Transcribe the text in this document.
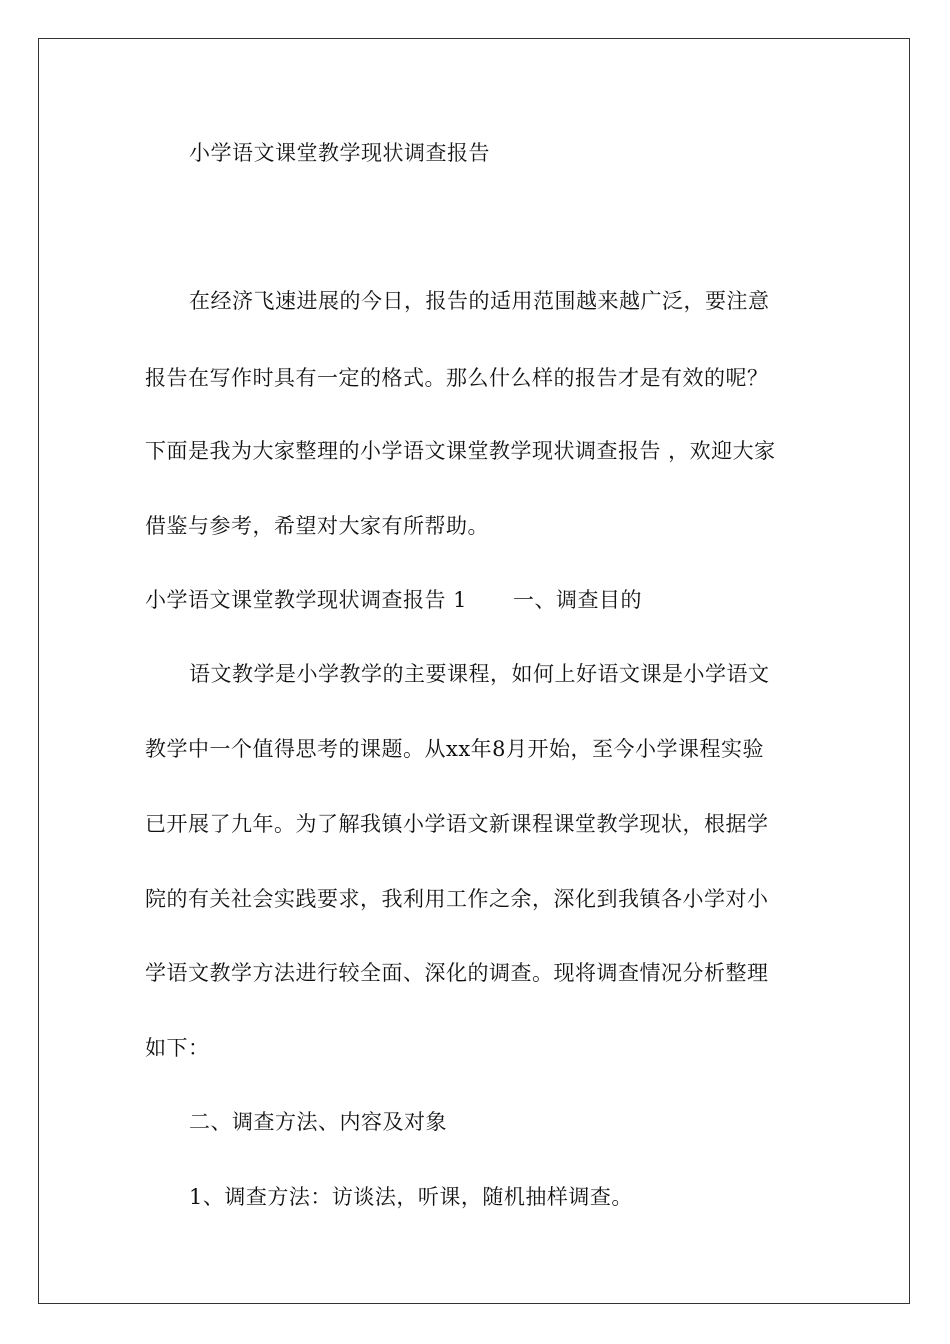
小学语文课堂教学现状调查报告
在经济飞速进展的今日，报告的适用范围越来越广泛，要注意
报告在写作时具有一定的格式。那么什么样的报告才是有效的呢？
下面是我为大家整理的小学语文课堂教学现状调查报告 ，欢迎大家
借鉴与参考，希望对大家有所帮助。
小学语文课堂教学现状调查报告 1 一、调查目的
语文教学是小学教学的主要课程，如何上好语文课是小学语文
教学中一个值得思考的课题。从xx年8月开始，至今小学课程实验
已开展了九年。为了解我镇小学语文新课程课堂教学现状，根据学
院的有关社会实践要求，我利用工作之余，深化到我镇各小学对小
学语文教学方法进行较全面、深化的调查。现将调查情况分析整理
如下：
二、调查方法、内容及对象
1、调查方法：访谈法，听课，随机抽样调查。
